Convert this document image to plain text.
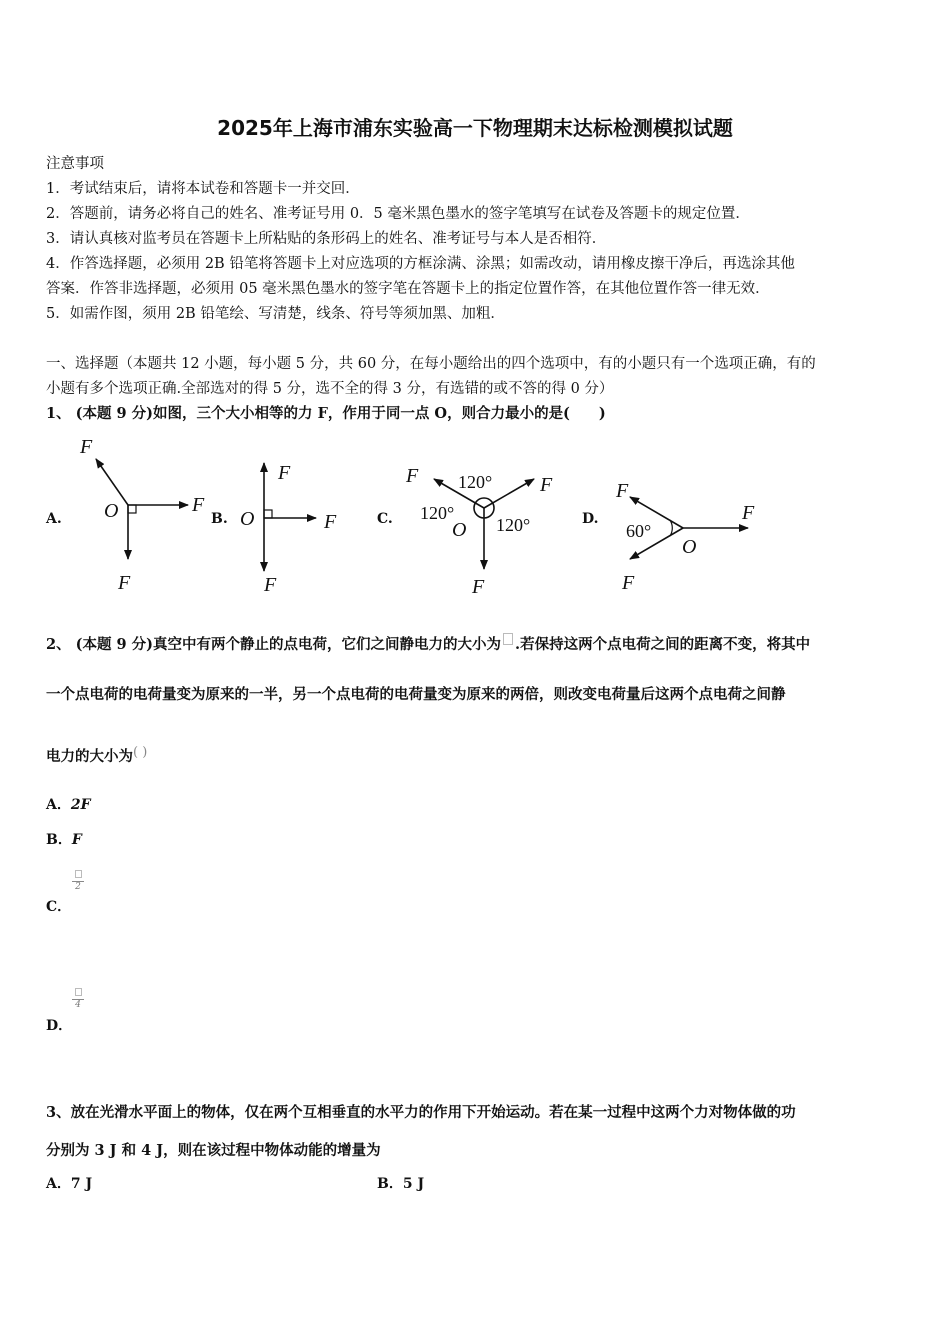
2025年上海市浦东实验高一下物理期末达标检测模拟试题
注意事项
1．考试结束后，请将本试卷和答题卡一并交回．
2．答题前，请务必将自己的姓名、准考证号用 0．5 毫米黑色墨水的签字笔填写在试卷及答题卡的规定位置．
3．请认真核对监考员在答题卡上所粘贴的条形码上的姓名、准考证号与本人是否相符．
4．作答选择题，必须用 2B 铅笔将答题卡上对应选项的方框涂满、涂黑；如需改动，请用橡皮擦干净后，再选涂其他
答案．作答非选择题，必须用 05 毫米黑色墨水的签字笔在答题卡上的指定位置作答，在其他位置作答一律无效．
5．如需作图，须用 2B 铅笔绘、写清楚，线条、符号等须加黑、加粗．
一、选择题（本题共 12 小题，每小题 5 分，共 60 分，在每小题给出的四个选项中，有的小题只有一个选项正确，有的
小题有多个选项正确.全部选对的得 5 分，选不全的得 3 分，有选错的或不答的得 0 分）
1、 (本题 9 分)如图，三个大小相等的力 F，作用于同一点 O，则合力最小的是(　　)
A.	B.	C.	D.
F
F
F
O
F
F
F
O
F	F
F
O
F
F
F
O
120°
120°
120°	60°
2、 (本题 9 分)真空中有两个静止的点电荷，它们之间静电力的大小为 .若保持这两个点电荷之间的距离不变，将其中
一个点电荷的电荷量变为原来的一半，另一个点电荷的电荷量变为原来的两倍，则改变电荷量后这两个点电荷之间静
电力的大小为( )
A．2F
B．F
C．
2
D．
4
3、放在光滑水平面上的物体，仅在两个互相垂直的水平力的作用下开始运动。若在某一过程中这两个力对物体做的功
分别为 3 J 和 4 J，则在该过程中物体动能的增量为
A．7 J	B．5 J
